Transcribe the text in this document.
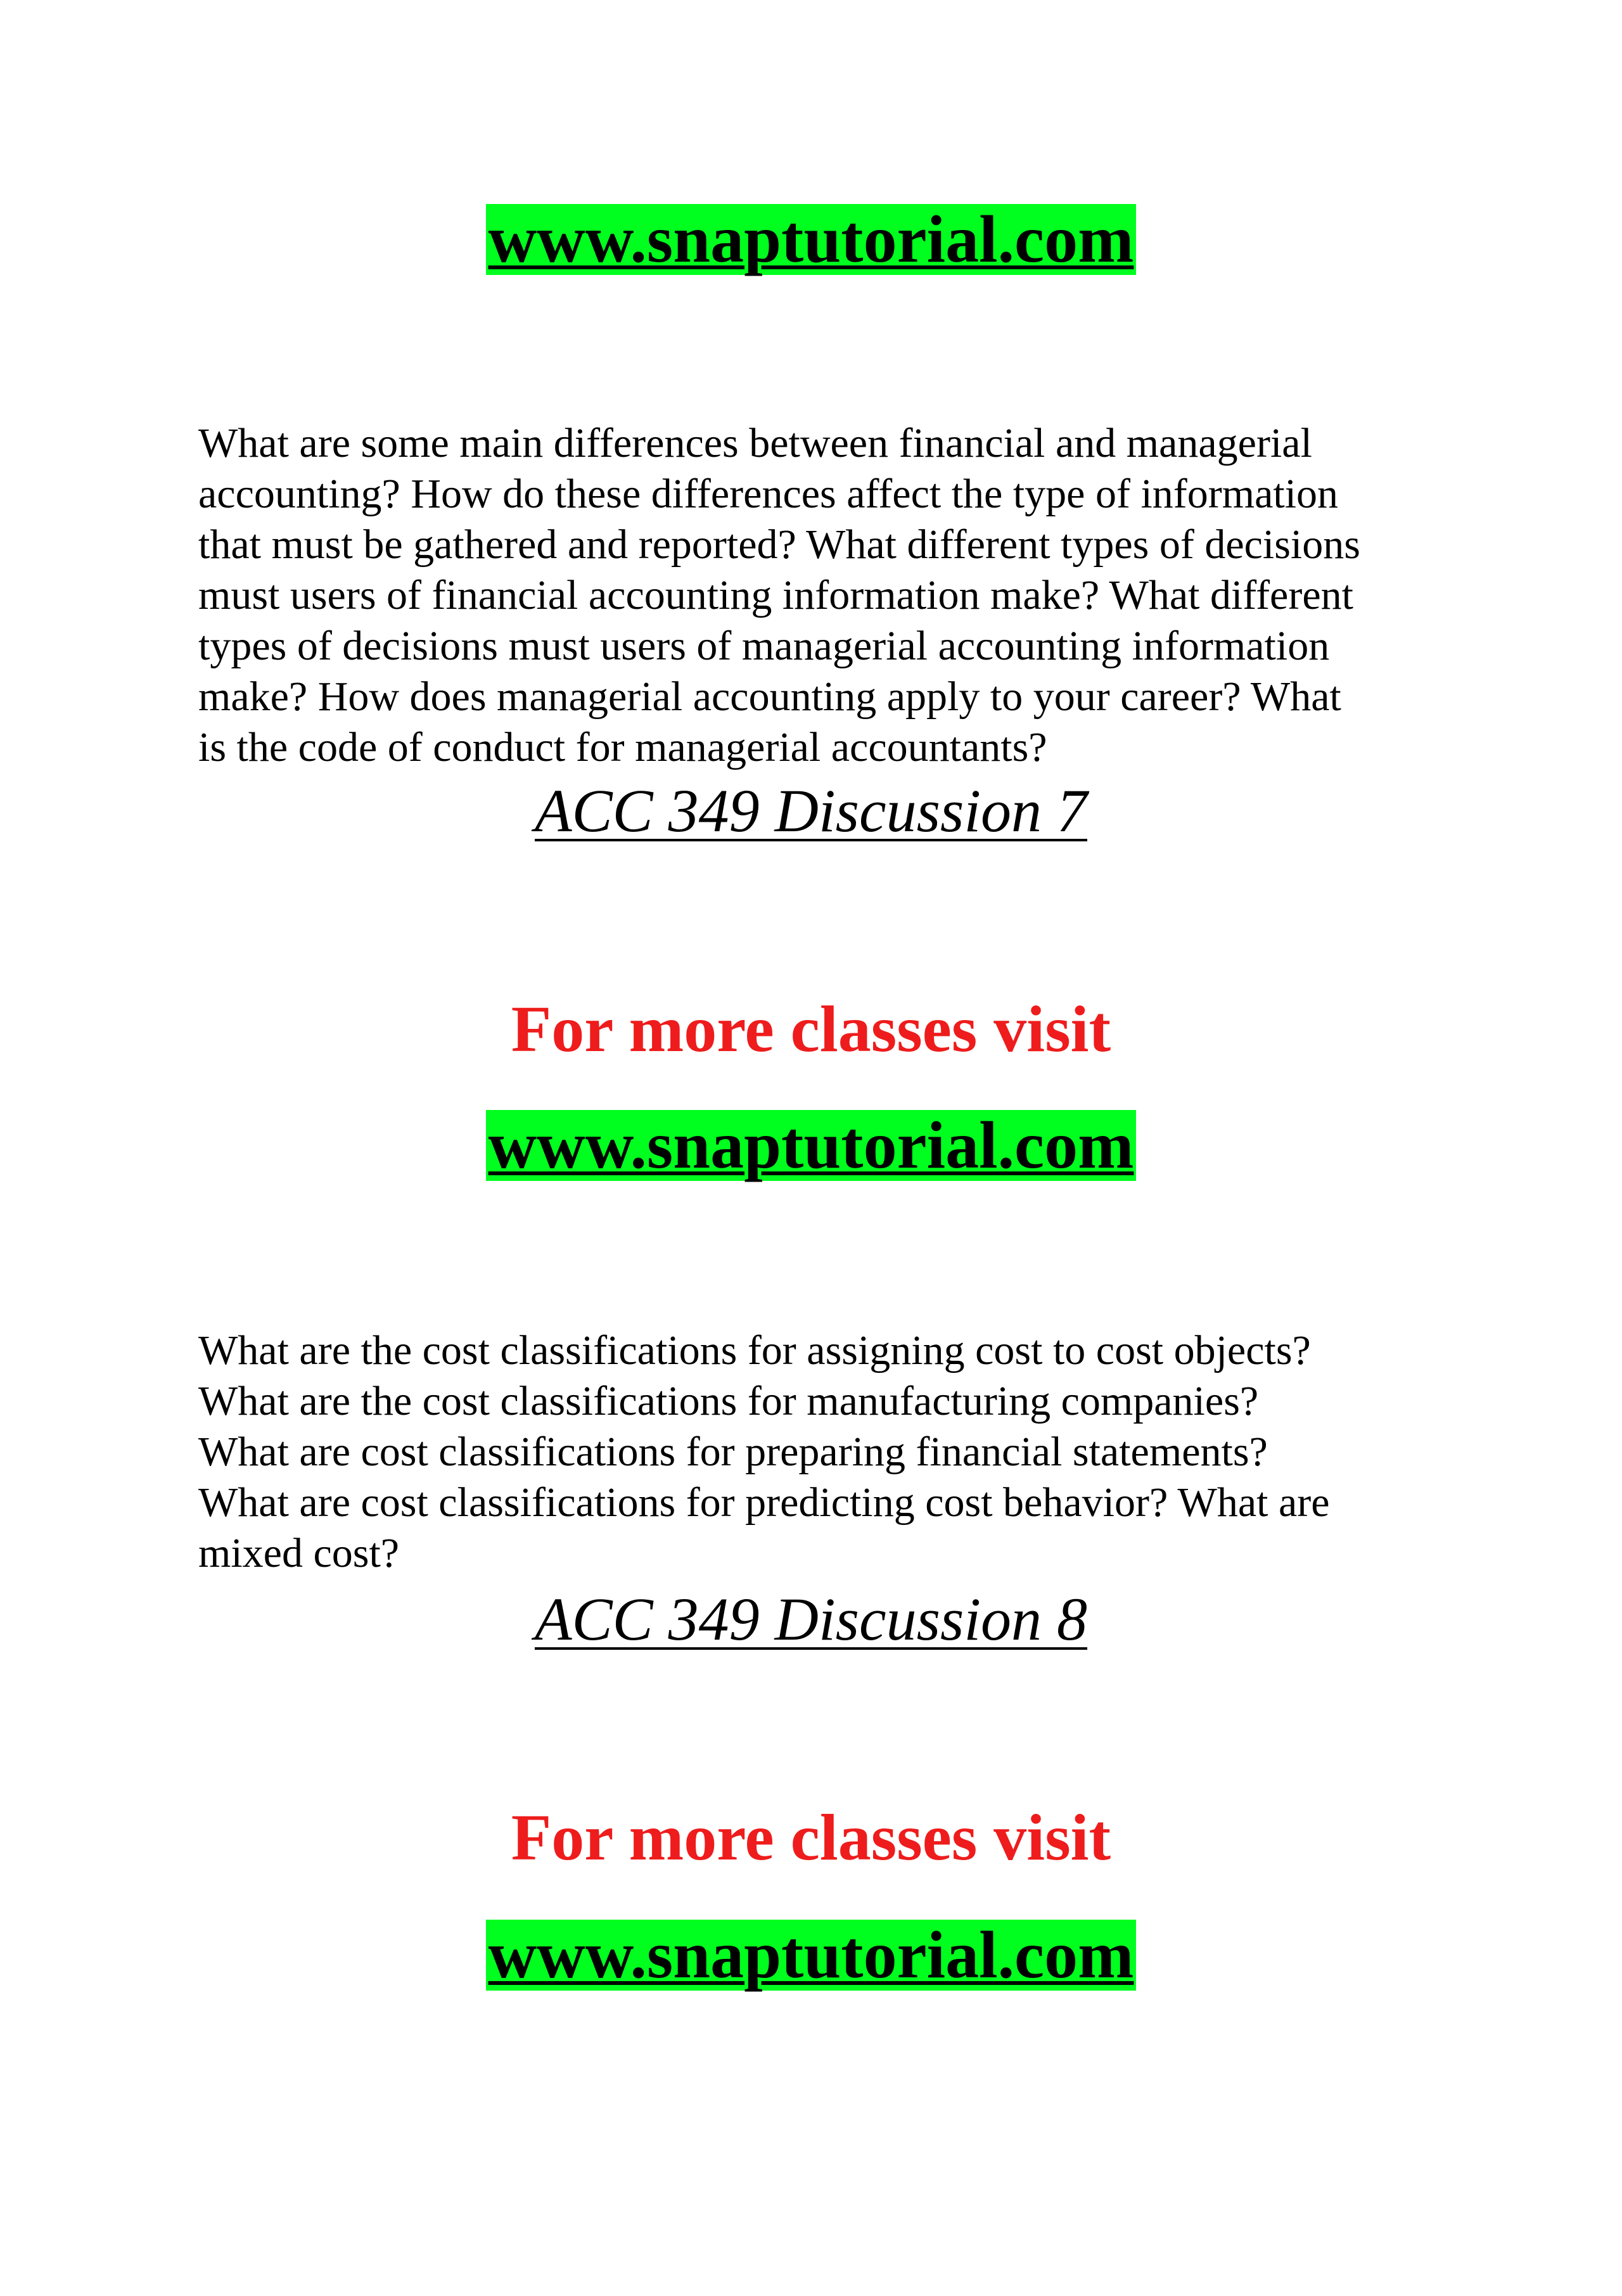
www.snaptutorial.com
What are some main differences between financial and managerial
accounting? How do these differences affect the type of information
that must be gathered and reported? What different types of decisions
must users of financial accounting information make? What different
types of decisions must users of managerial accounting information
make? How does managerial accounting apply to your career? What
is the code of conduct for managerial accountants?
ACC 349 Discussion 7
For more classes visit
www.snaptutorial.com
What are the cost classifications for assigning cost to cost objects?
What are the cost classifications for manufacturing companies?
What are cost classifications for preparing financial statements?
What are cost classifications for predicting cost behavior? What are
mixed cost?
ACC 349 Discussion 8
For more classes visit
www.snaptutorial.com
